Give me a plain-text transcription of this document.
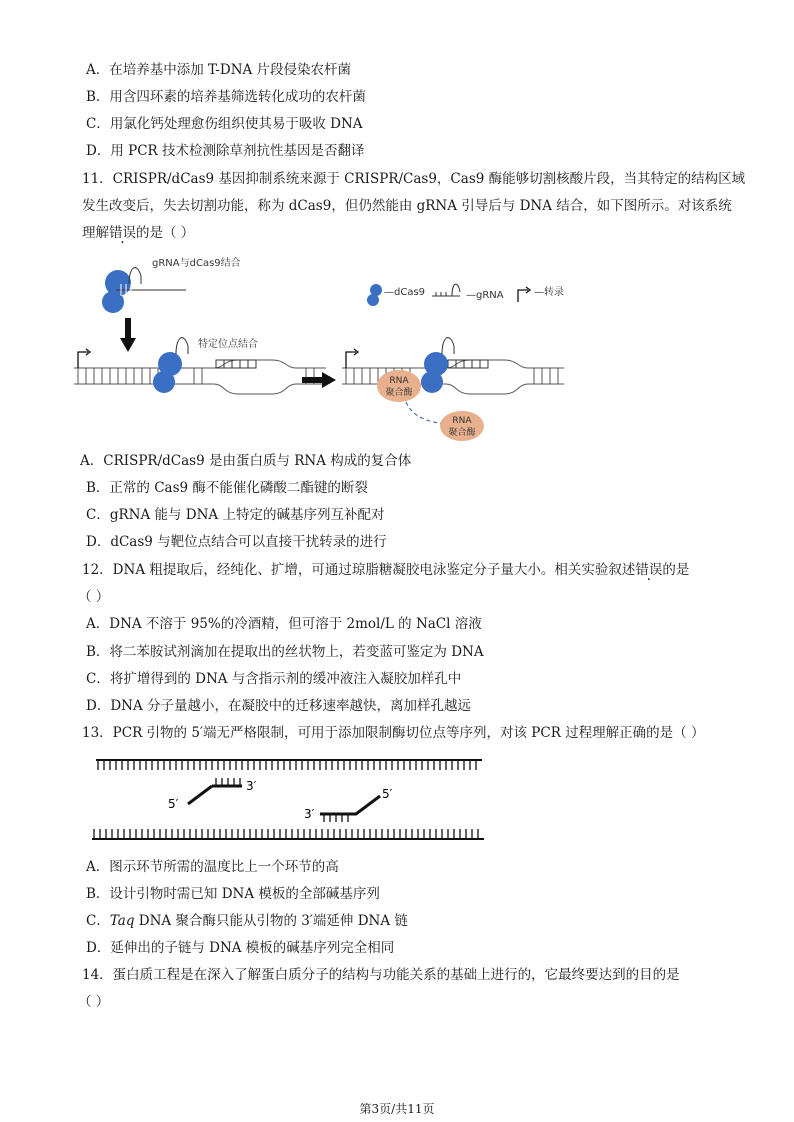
A．在培养基中添加 T-DNA 片段侵染农杆菌
B．用含四环素的培养基筛选转化成功的农杆菌
C．用氯化钙处理愈伤组织使其易于吸收 DNA
D．用 PCR 技术检测除草剂抗性基因是否翻译
11．CRISPR/dCas9 基因抑制系统来源于 CRISPR/Cas9，Cas9 酶能够切割核酸片段，当其特定的结构区域
发生改变后，失去切割功能，称为 dCas9，但仍然能由 gRNA 引导后与 DNA 结合，如下图所示。对该系统
理解错误的是（ ）
gRNA与dCas9结合
特定位点结合
—dCas9	—gRNA	—转录
RNA
聚合酶
RNA
聚合酶
A．CRISPR/dCas9 是由蛋白质与 RNA 构成的复合体
B．正常的 Cas9 酶不能催化磷酸二酯键的断裂
C．gRNA 能与 DNA 上特定的碱基序列互补配对
D．dCas9 与靶位点结合可以直接干扰转录的进行
12．DNA 粗提取后，经纯化、扩增，可通过琼脂糖凝胶电泳鉴定分子量大小。相关实验叙述错误的是
（ ）
A．DNA 不溶于 95%的冷酒精，但可溶于 2mol/L 的 NaCl 溶液
B．将二苯胺试剂滴加在提取出的丝状物上，若变蓝可鉴定为 DNA
C．将扩增得到的 DNA 与含指示剂的缓冲液注入凝胶加样孔中
D．DNA 分子量越小，在凝胶中的迁移速率越快，离加样孔越远
13．PCR 引物的 5′端无严格限制，可用于添加限制酶切位点等序列，对该 PCR 过程理解正确的是（ ）
5′
3′
3′
5′
A．图示环节所需的温度比上一个环节的高
B．设计引物时需已知 DNA 模板的全部碱基序列
C．Taq DNA 聚合酶只能从引物的 3′端延伸 DNA 链
D．延伸出的子链与 DNA 模板的碱基序列完全相同
14．蛋白质工程是在深入了解蛋白质分子的结构与功能关系的基础上进行的，它最终要达到的目的是
（ ）
第3页/共11页
